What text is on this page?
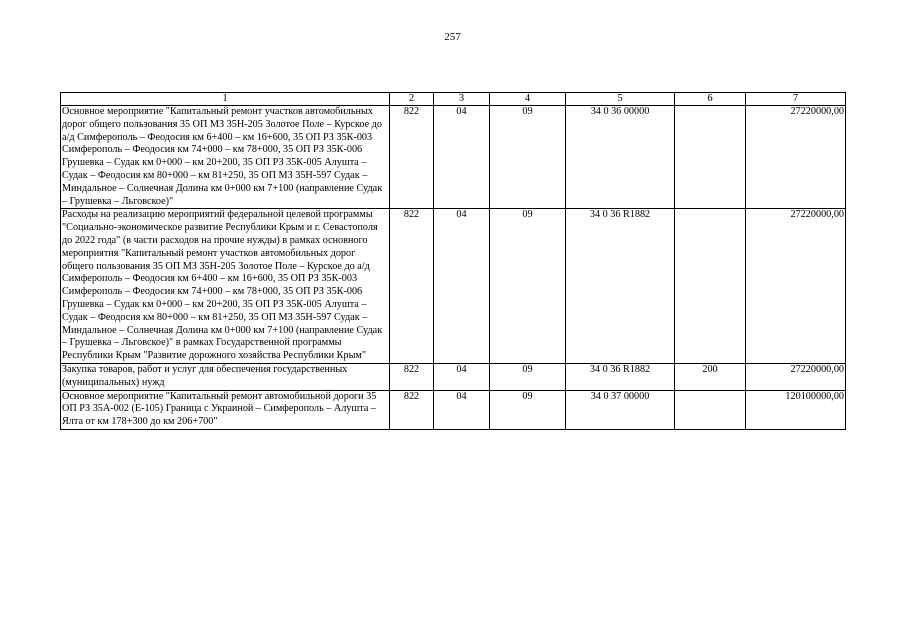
257
1	2	3	4	5	6	7
Основное мероприятие "Капитальный ремонт участков автомобильных дорог общего пользования 35 ОП МЗ 35Н-205 Золотое Поле – Курское до а/д Симферополь – Феодосия км 6+400 – км 16+600, 35 ОП РЗ 35К-003 Симферополь – Феодосия км 74+000 – км 78+000, 35 ОП РЗ 35К-006 Грушевка – Судак км 0+000 – км 20+200, 35 ОП РЗ 35К-005 Алушта – Судак – Феодосия км 80+000 – км 81+250, 35 ОП МЗ 35Н-597 Судак – Миндальное – Солнечная Долина км 0+000 км 7+100 (направление Судак – Грушевка – Льговское)"	822	04	09	34 0 36 00000		27220000,00
Расходы на реализацию мероприятий федеральной целевой программы "Социально-экономическое развитие Республики Крым и г. Севастополя до 2022 года" (в части расходов на прочие нужды) в рамках основного мероприятия "Капитальный ремонт участков автомобильных дорог общего пользования 35 ОП МЗ 35Н-205 Золотое Поле – Курское до а/д Симферополь – Феодосия км 6+400 – км 16+600, 35 ОП РЗ 35К-003 Симферополь – Феодосия км 74+000 – км 78+000, 35 ОП РЗ 35К-006 Грушевка – Судак км 0+000 – км 20+200, 35 ОП РЗ 35К-005 Алушта – Судак – Феодосия км 80+000 – км 81+250, 35 ОП МЗ 35Н-597 Судак – Миндальное – Солнечная Долина км 0+000 км 7+100 (направление Судак – Грушевка – Льговское)" в рамках Государственной программы Республики Крым "Развитие дорожного хозяйства Республики Крым"	822	04	09	34 0 36 R1882		27220000,00
Закупка товаров, работ и услуг для обеспечения государственных (муниципальных) нужд	822	04	09	34 0 36 R1882	200	27220000,00
Основное мероприятие "Капитальный ремонт автомобильной дороги 35 ОП РЗ 35А-002 (Е-105) Граница с Украиной – Симферополь – Алушта – Ялта от км 178+300 до км 206+700"	822	04	09	34 0 37 00000		120100000,00
